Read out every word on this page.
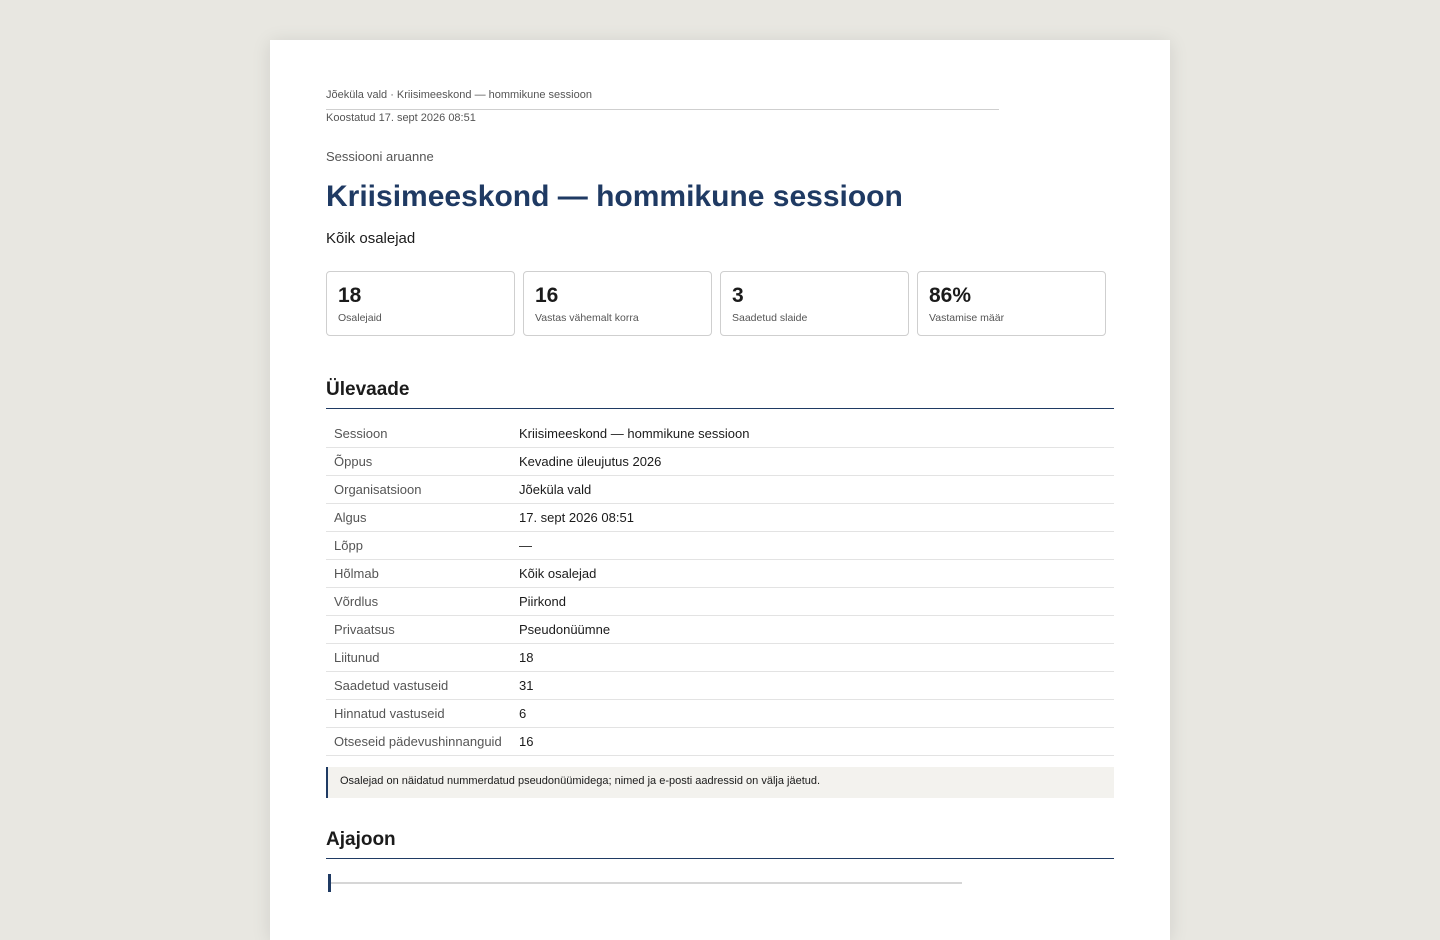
Jõeküla vald · Kriisimeeskond — hommikune sessioon
Koostatud 17. sept 2026 08:51
Sessiooni aruanne
Kriisimeeskond — hommikune sessioon
Kõik osalejad
18
Osalejaid
16
Vastas vähemalt korra
3
Saadetud slaide
86%
Vastamise määr
Ülevaade
Sessioon	Kriisimeeskond — hommikune sessioon
Õppus	Kevadine üleujutus 2026
Organisatsioon	Jõeküla vald
Algus	17. sept 2026 08:51
Lõpp	—
Hõlmab	Kõik osalejad
Võrdlus	Piirkond
Privaatsus	Pseudonüümne
Liitunud	18
Saadetud vastuseid	31
Hinnatud vastuseid	6
Otseseid pädevushinnanguid	16
Osalejad on näidatud nummerdatud pseudonüümidega; nimed ja e-posti aadressid on välja jäetud.
Ajajoon
